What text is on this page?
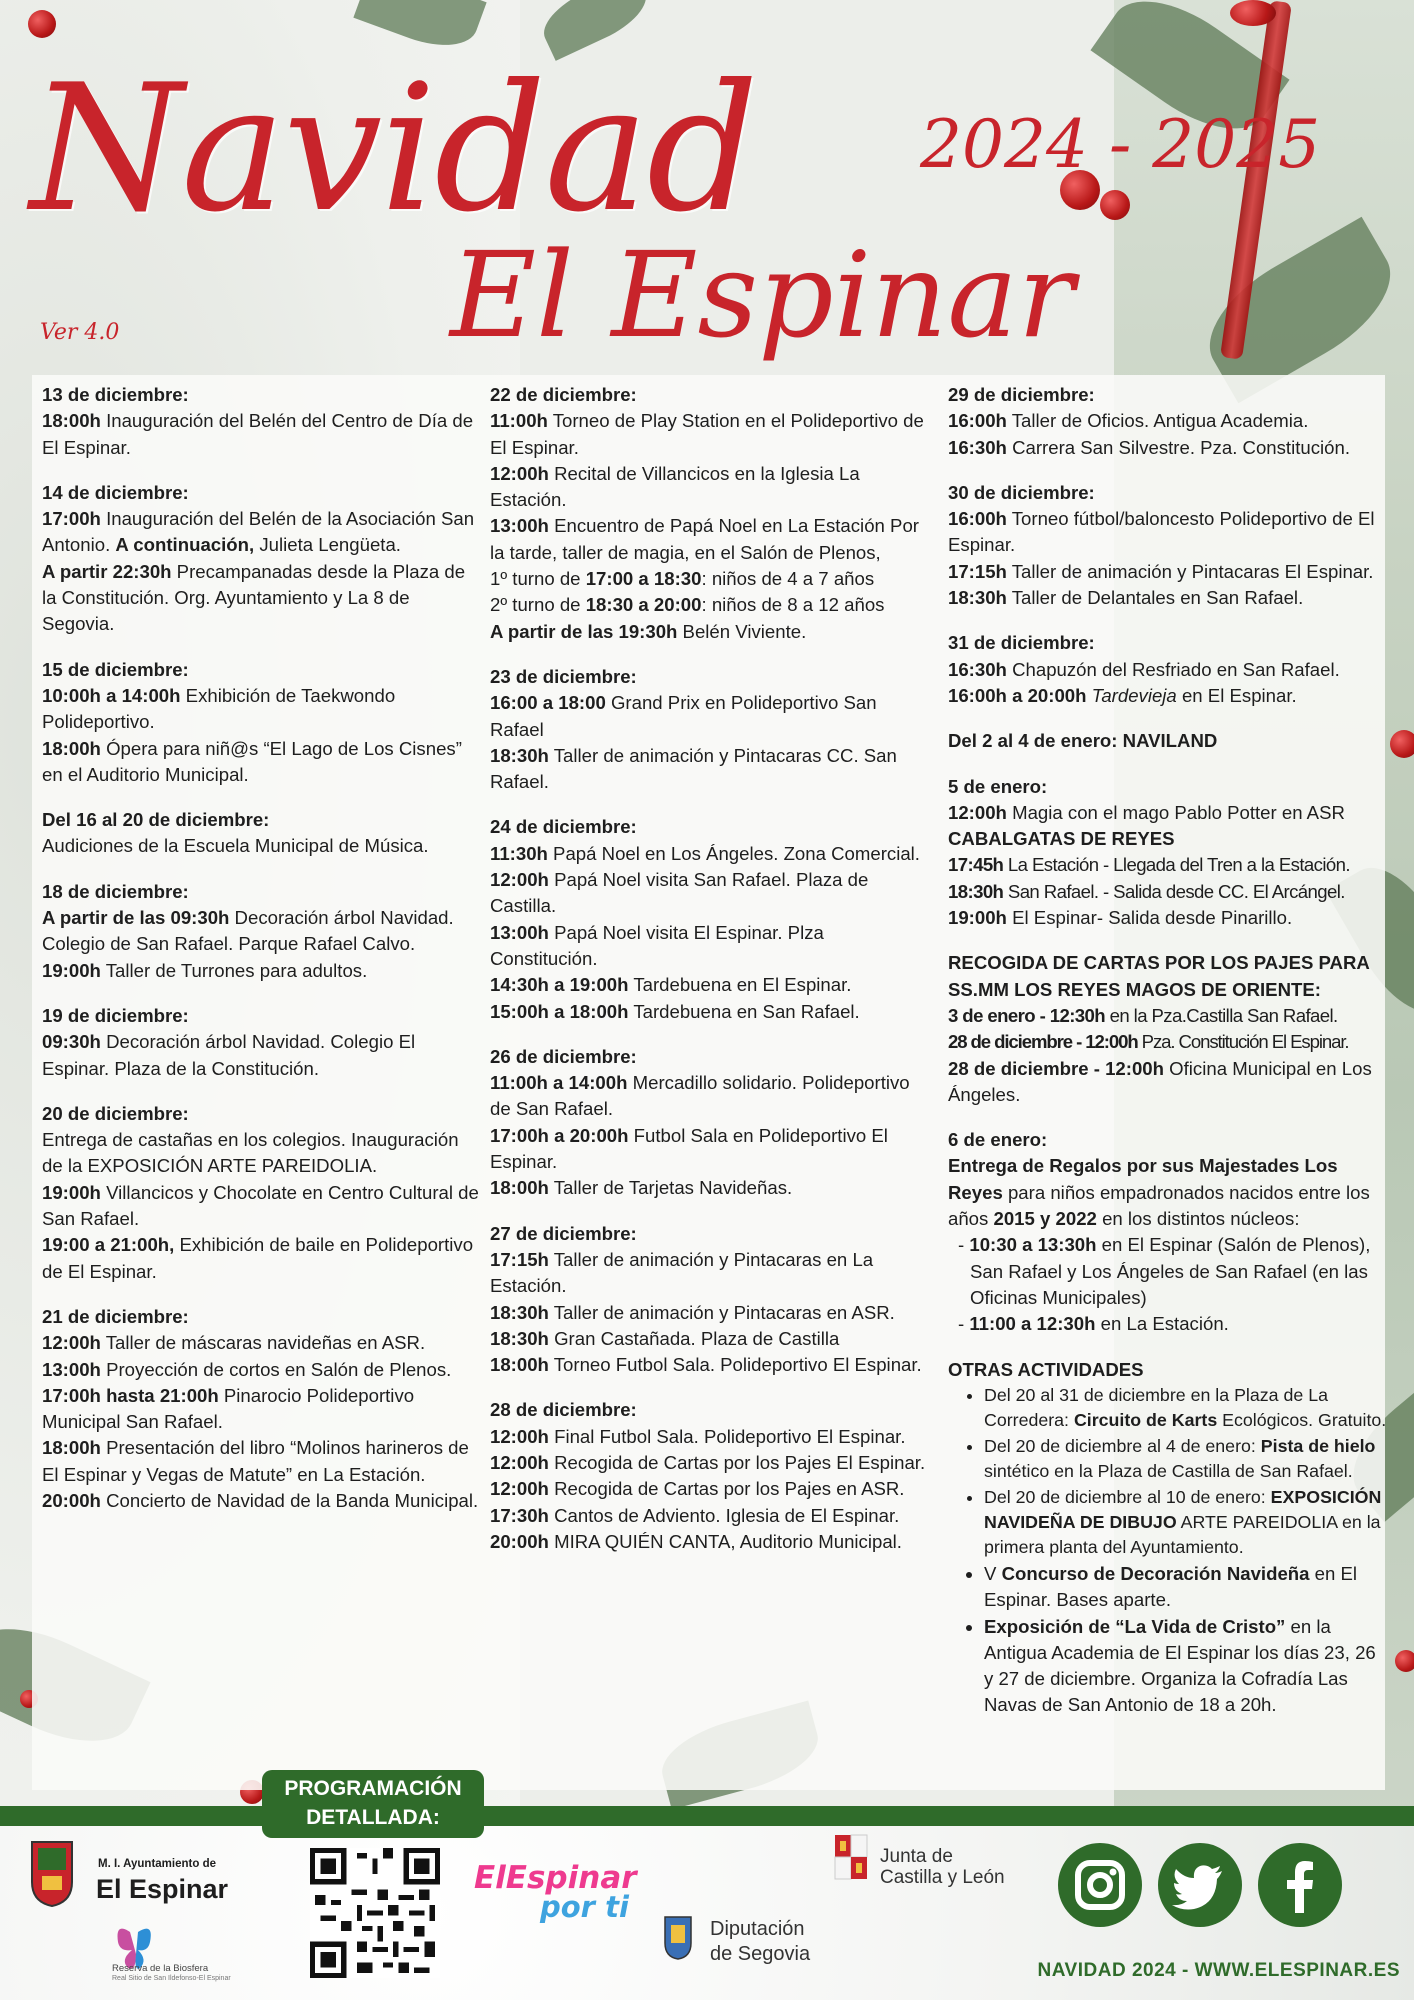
Navidad 2024 - 2025
El Espinar
Ver 4.0

13 de diciembre:

18:00h Inauguración del Belén del Centro de Día de El Espinar.

14 de diciembre:

17:00h Inauguración del Belén de la Asociación San Antonio. A continuación, Julieta Lengüeta.

A partir 22:30h Precampanadas desde la Plaza de la Constitución. Org. Ayuntamiento y La 8 de Segovia.

15 de diciembre:

10:00h a 14:00h Exhibición de Taekwondo Polideportivo.

18:00h Ópera para niñ@s “El Lago de Los Cisnes” en el Auditorio Municipal.

Del 16 al 20 de diciembre:

Audiciones de la Escuela Municipal de Música.

18 de diciembre:

A partir de las 09:30h Decoración árbol Navidad. Colegio de San Rafael. Parque Rafael Calvo.

19:00h Taller de Turrones para adultos.

19 de diciembre:

09:30h Decoración árbol Navidad. Colegio El Espinar. Plaza de la Constitución.

20 de diciembre:

Entrega de castañas en los colegios. Inauguración de la EXPOSICIÓN ARTE PAREIDOLIA.

19:00h Villancicos y Chocolate en Centro Cultural de San Rafael.

19:00 a 21:00h, Exhibición de baile en Polideportivo de El Espinar.

21 de diciembre:

12:00h Taller de máscaras navideñas en ASR.

13:00h Proyección de cortos en Salón de Plenos.

17:00h hasta 21:00h Pinarocio Polideportivo Municipal San Rafael.

18:00h Presentación del libro “Molinos harineros de El Espinar y Vegas de Matute” en La Estación.

20:00h Concierto de Navidad de la Banda Municipal.

22 de diciembre:

11:00h Torneo de Play Station en el Polideportivo de El Espinar.

12:00h Recital de Villancicos en la Iglesia La Estación.

13:00h Encuentro de Papá Noel en La Estación Por la tarde, taller de magia, en el Salón de Plenos,

1º turno de 17:00 a 18:30: niños de 4 a 7 años

2º turno de 18:30 a 20:00: niños de 8 a 12 años

A partir de las 19:30h Belén Viviente.

23 de diciembre:

16:00 a 18:00 Grand Prix en Polideportivo San Rafael

18:30h Taller de animación y Pintacaras CC. San Rafael.

24 de diciembre:

11:30h Papá Noel en Los Ángeles. Zona Comercial.

12:00h Papá Noel visita San Rafael. Plaza de Castilla.

13:00h Papá Noel visita El Espinar. Plza Constitución.

14:30h a 19:00h Tardebuena en El Espinar.

15:00h a 18:00h Tardebuena en San Rafael.

26 de diciembre:

11:00h a 14:00h Mercadillo solidario. Polideportivo de San Rafael.

17:00h a 20:00h Futbol Sala en Polideportivo El Espinar.

18:00h Taller de Tarjetas Navideñas.

27 de diciembre:

17:15h Taller de animación y Pintacaras en La Estación.

18:30h Taller de animación y Pintacaras en ASR.

18:30h Gran Castañada. Plaza de Castilla

18:00h Torneo Futbol Sala. Polideportivo El Espinar.

28 de diciembre:

12:00h Final Futbol Sala. Polideportivo El Espinar.

12:00h Recogida de Cartas por los Pajes El Espinar.

12:00h Recogida de Cartas por los Pajes en ASR.

17:30h Cantos de Adviento. Iglesia de El Espinar.

20:00h MIRA QUIÉN CANTA, Auditorio Municipal.

29 de diciembre:

16:00h Taller de Oficios. Antigua Academia.

16:30h Carrera San Silvestre. Pza. Constitución.

30 de diciembre:

16:00h Torneo fútbol/baloncesto Polideportivo de El Espinar.

17:15h Taller de animación y Pintacaras El Espinar.

18:30h Taller de Delantales en San Rafael.

31 de diciembre:

16:30h Chapuzón del Resfriado en San Rafael.

16:00h a 20:00h Tardevieja en El Espinar.

Del 2 al 4 de enero: NAVILAND

5 de enero:

12:00h Magia con el mago Pablo Potter en ASR

CABALGATAS DE REYES

17:45h La Estación - Llegada del Tren a la Estación.

18:30h San Rafael. - Salida desde CC. El Arcángel.

19:00h El Espinar- Salida desde Pinarillo.

RECOGIDA DE CARTAS POR LOS PAJES PARA SS.MM LOS REYES MAGOS DE ORIENTE:

3 de enero - 12:30h en la Pza.Castilla San Rafael.

28 de diciembre - 12:00h Pza. Constitución El Espinar.

28 de diciembre - 12:00h Oficina Municipal en Los Ángeles.

6 de enero:

Entrega de Regalos por sus Majestades Los Reyes para niños empadronados nacidos entre los años 2015 y 2022 en los distintos núcleos:

- 10:30 a 13:30h en El Espinar (Salón de Plenos), San Rafael y Los Ángeles de San Rafael (en las Oficinas Municipales)

- 11:00 a 12:30h en La Estación.

OTRAS ACTIVIDADES

• Del 20 al 31 de diciembre en la Plaza de La Corredera: Circuito de Karts Ecológicos. Gratuito.
• Del 20 de diciembre al 4 de enero: Pista de hielo sintético en la Plaza de Castilla de San Rafael.
• Del 20 de diciembre al 10 de enero: EXPOSICIÓN NAVIDEÑA DE DIBUJO ARTE PAREIDOLIA en la primera planta del Ayuntamiento.
• V Concurso de Decoración Navideña en El Espinar. Bases aparte.
• Exposición de “La Vida de Cristo” en la Antigua Academia de El Espinar los días 23, 26 y 27 de diciembre. Organiza la Cofradía Las Navas de San Antonio de 18 a 20h.
PROGRAMACIÓN
DETALLADA:
M. I. Ayuntamiento de
El Espinar
Reserva de la Biosfera
Real Sitio de San Ildefonso-El Espinar
ElEspinar
por ti
Diputación
de Segovia
Junta de
Castilla y León
NAVIDAD 2024 - WWW.ELESPINAR.ES
